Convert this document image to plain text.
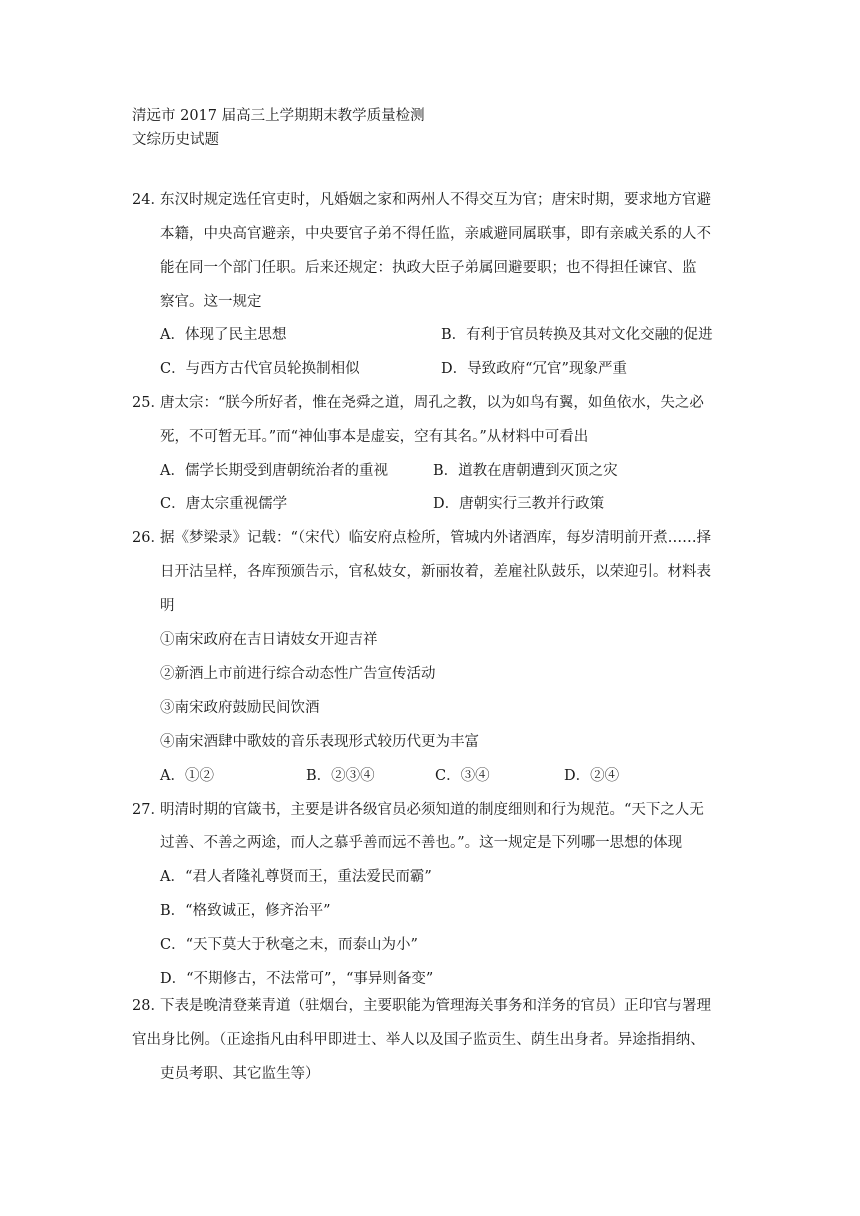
清远市 2017 届高三上学期期末教学质量检测
文综历史试题
24．东汉时规定选任官吏时，凡婚姻之家和两州人不得交互为官；唐宋时期，要求地方官避
本籍，中央高官避亲，中央要官子弟不得任监，亲戚避同属联事，即有亲戚关系的人不
能在同一个部门任职。后来还规定：执政大臣子弟属回避要职；也不得担任谏官、监
察官。这一规定
A．体现了民主思想	B．有利于官员转换及其对文化交融的促进
C．与西方古代官员轮换制相似	D．导致政府“冗官”现象严重
25．唐太宗：“朕今所好者，惟在尧舜之道，周孔之教，以为如鸟有翼，如鱼依水，失之必
死，不可暂无耳。”而“神仙事本是虚妄，空有其名。”从材料中可看出
A．儒学长期受到唐朝统治者的重视	B．道教在唐朝遭到灭顶之灾
C．唐太宗重视儒学	D．唐朝实行三教并行政策
26．据《梦梁录》记载：“（宋代）临安府点检所，管城内外诸酒库，每岁清明前开煮……择
日开沽呈样，各库预颁告示，官私妓女，新丽妆着，差雇社队鼓乐，以荣迎引。材料表
明
①南宋政府在吉日请妓女开迎吉祥
②新酒上市前进行综合动态性广告宣传活动
③南宋政府鼓励民间饮酒
④南宋酒肆中歌妓的音乐表现形式较历代更为丰富
A．①②	B．②③④	C．③④	D．②④
27．明清时期的官箴书，主要是讲各级官员必须知道的制度细则和行为规范。“天下之人无
过善、不善之两途，而人之慕乎善而远不善也。”。这一规定是下列哪一思想的体现
A．“君人者隆礼尊贤而王，重法爱民而霸”
B．“格致诚正，修齐治平”
C．“天下莫大于秋毫之末，而泰山为小”
D．“不期修古，不法常可”，“事异则备变”
28．下表是晚清登莱青道（驻烟台，主要职能为管理海关事务和洋务的官员）正印官与署理
官出身比例。（正途指凡由科甲即进士、举人以及国子监贡生、荫生出身者。异途指捐纳、
吏员考职、其它监生等）
